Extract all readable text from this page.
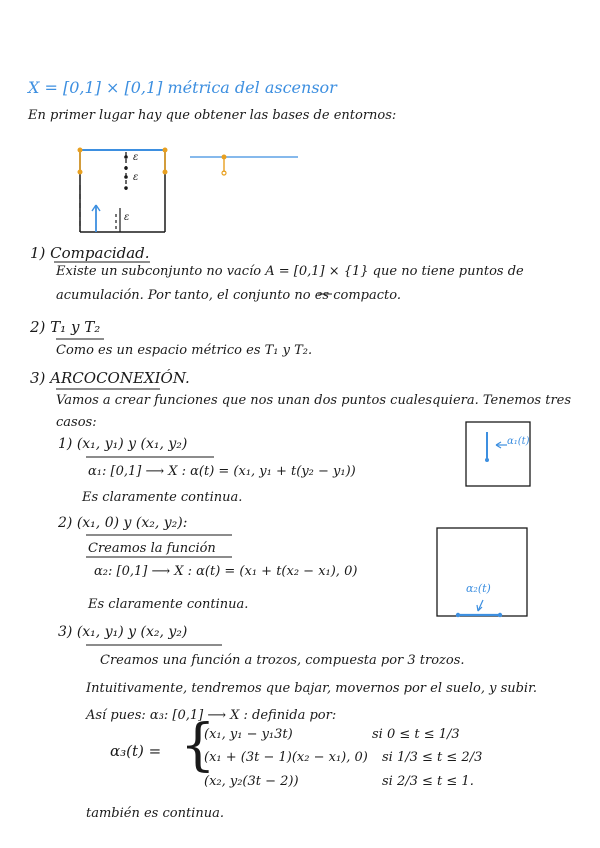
X = [0,1] × [0,1] métrica del ascensor
En primer lugar hay que obtener las bases de entornos:
ε
ε
ε
α₁(t)
α₂(t)
1) Compacidad.
Existe un subconjunto no vacío A = [0,1] × {1} que no tiene puntos de
acumulación. Por tanto, el conjunto no es compacto.
2) T₁ y T₂
Como es un espacio métrico es T₁ y T₂.
3) ARCOCONEXIÓN.
Vamos a crear funciones que nos unan dos puntos cualesquiera. Tenemos tres
casos:
1) (x₁, y₁) y (x₁, y₂)
α₁: [0,1] ⟶ X : α(t) = (x₁, y₁ + t(y₂ − y₁))
Es claramente continua.
2) (x₁, 0) y (x₂, y₂):
Creamos la función
α₂: [0,1] ⟶ X : α(t) = (x₁ + t(x₂ − x₁), 0)
Es claramente continua.
3) (x₁, y₁) y (x₂, y₂)
Creamos una función a trozos, compuesta por 3 trozos.
Intuitivamente, tendremos que bajar, movernos por el suelo, y subir.
Así pues: α₃: [0,1] ⟶ X : definida por:
α₃(t) = {
(x₁, y₁ − y₁3t)	si 0 ≤ t ≤ 1/3
(x₁ + (3t − 1)(x₂ − x₁), 0) si 1/3 ≤ t ≤ 2/3
(x₂, y₂(3t − 2))	si 2/3 ≤ t ≤ 1.
también es continua.
